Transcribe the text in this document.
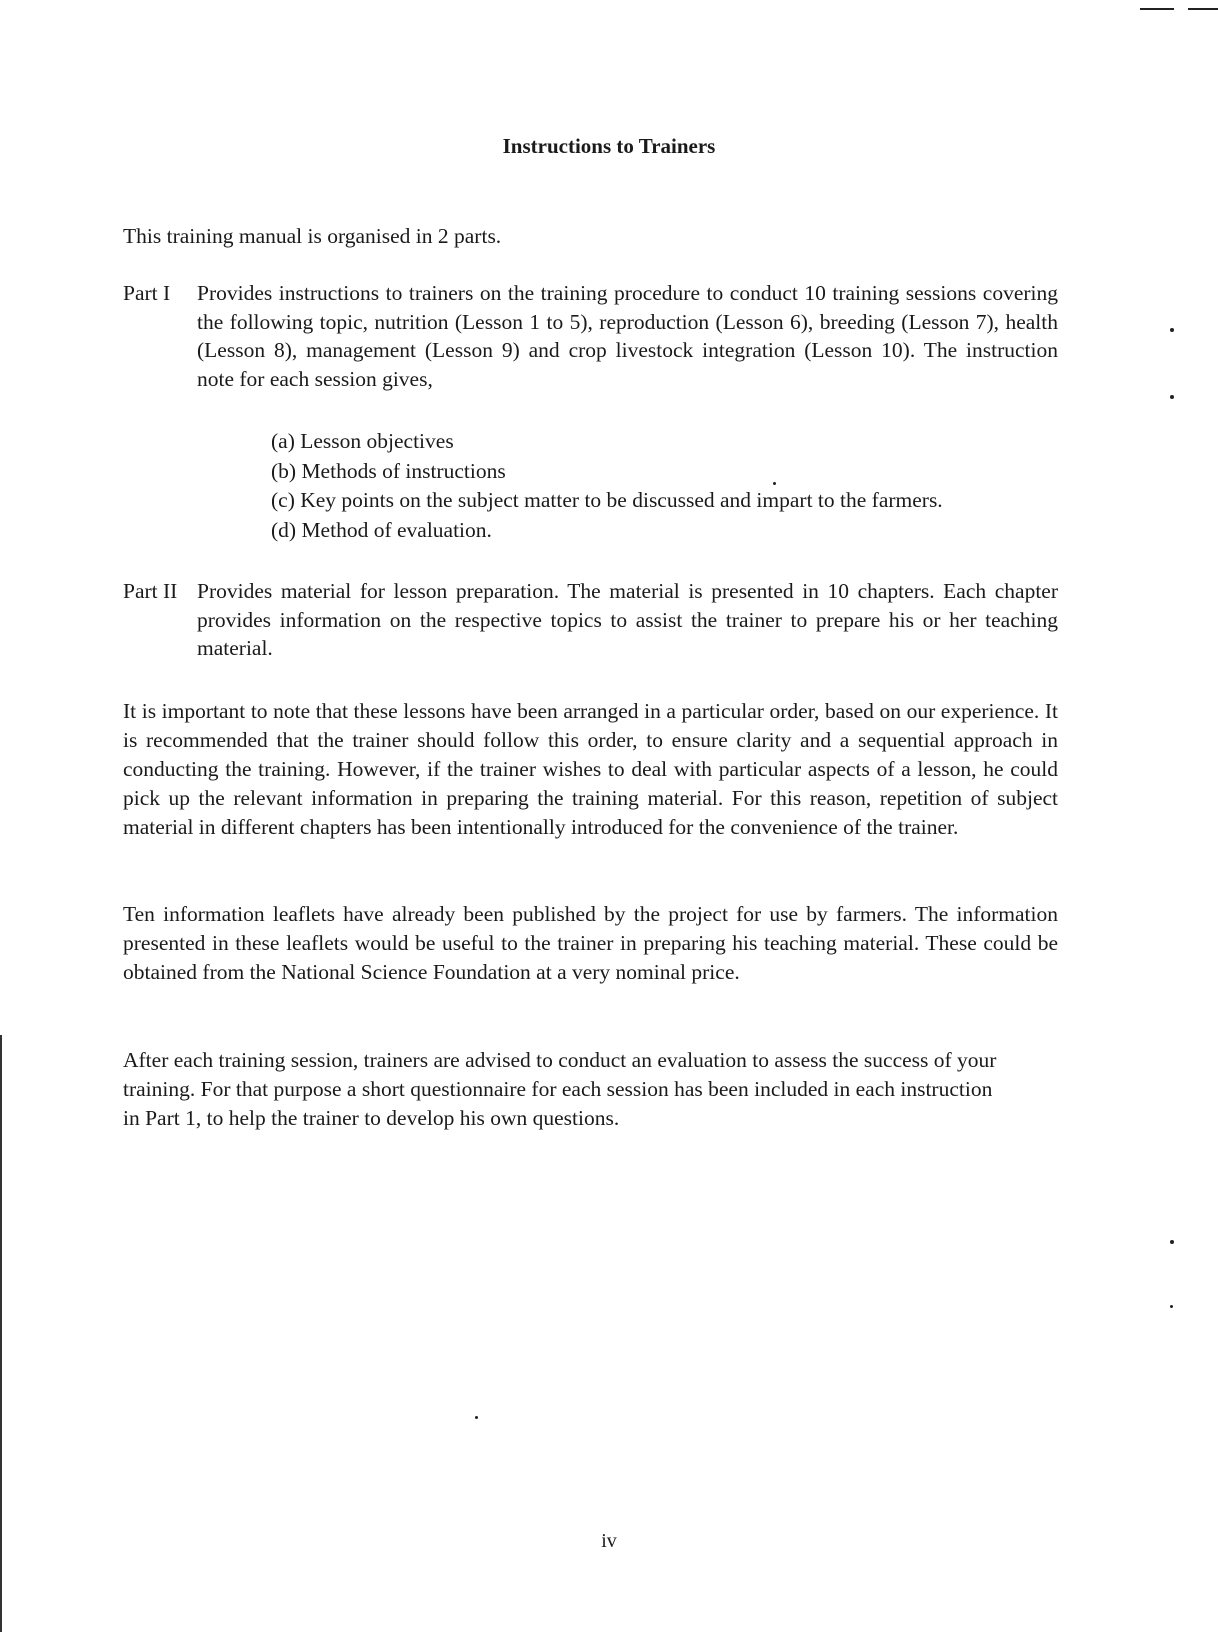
Instructions to Trainers
This training manual is organised in 2 parts.
Part I	Provides instructions to trainers on the training procedure to conduct 10 training sessions covering the following topic, nutrition (Lesson 1 to 5), reproduction (Lesson 6), breeding (Lesson 7), health (Lesson 8), management (Lesson 9) and crop livestock integration (Lesson 10). The instruction note for each session gives,
(a) Lesson objectives
(b) Methods of instructions
(c) Key points on the subject matter to be discussed and impart to the farmers.
(d) Method of evaluation.
Part II Provides material for lesson preparation. The material is presented in 10 chapters. Each chapter provides information on the respective topics to assist the trainer to prepare his or her teaching material.
It is important to note that these lessons have been arranged in a particular order, based on our experience. It is recommended that the trainer should follow this order, to ensure clarity and a sequential approach in conducting the training. However, if the trainer wishes to deal with particular aspects of a lesson, he could pick up the relevant information in preparing the training material. For this reason, repetition of subject material in different chapters has been intentionally introduced for the convenience of the trainer.
Ten information leaflets have already been published by the project for use by farmers. The information presented in these leaflets would be useful to the trainer in preparing his teaching material. These could be obtained from the National Science Foundation at a very nominal price.
After each training session, trainers are advised to conduct an evaluation to assess the success of your training. For that purpose a short questionnaire for each session has been included in each instruction in Part 1, to help the trainer to develop his own questions.
iv
